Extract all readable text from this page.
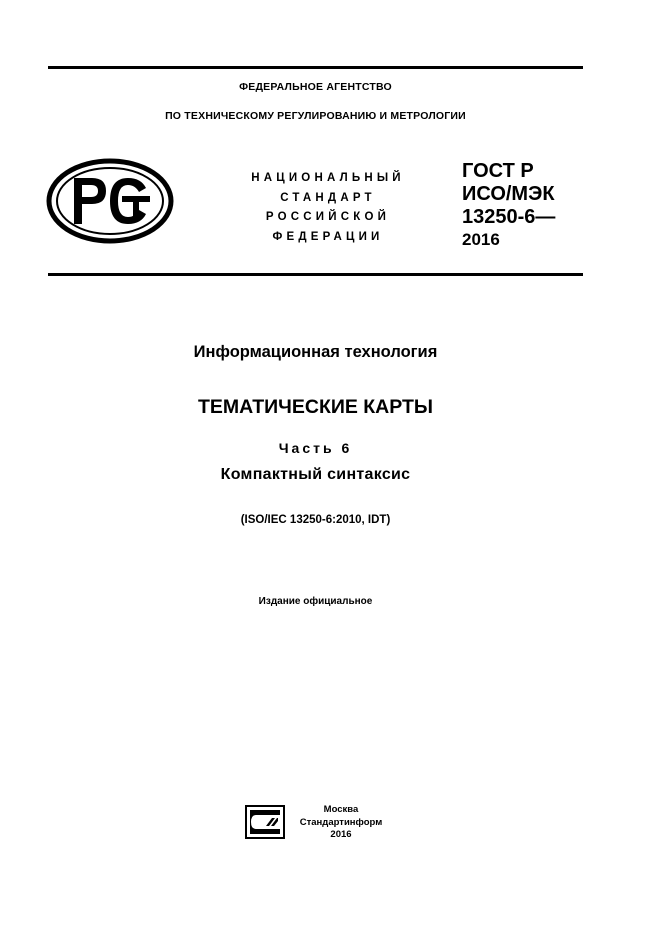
ФЕДЕРАЛЬНОЕ АГЕНТСТВО
ПО ТЕХНИЧЕСКОМУ РЕГУЛИРОВАНИЮ И МЕТРОЛОГИИ
НАЦИОНАЛЬНЫЙ
СТАНДАРТ
РОССИЙСКОЙ
ФЕДЕРАЦИИ
ГОСТ Р
ИСО/МЭК
13250-6—
2016
Информационная технология
ТЕМАТИЧЕСКИЕ КАРТЫ
Часть 6
Компактный синтаксис
(ISO/IEC 13250-6:2010, IDT)
Издание официальное
Москва
Стандартинформ
2016
